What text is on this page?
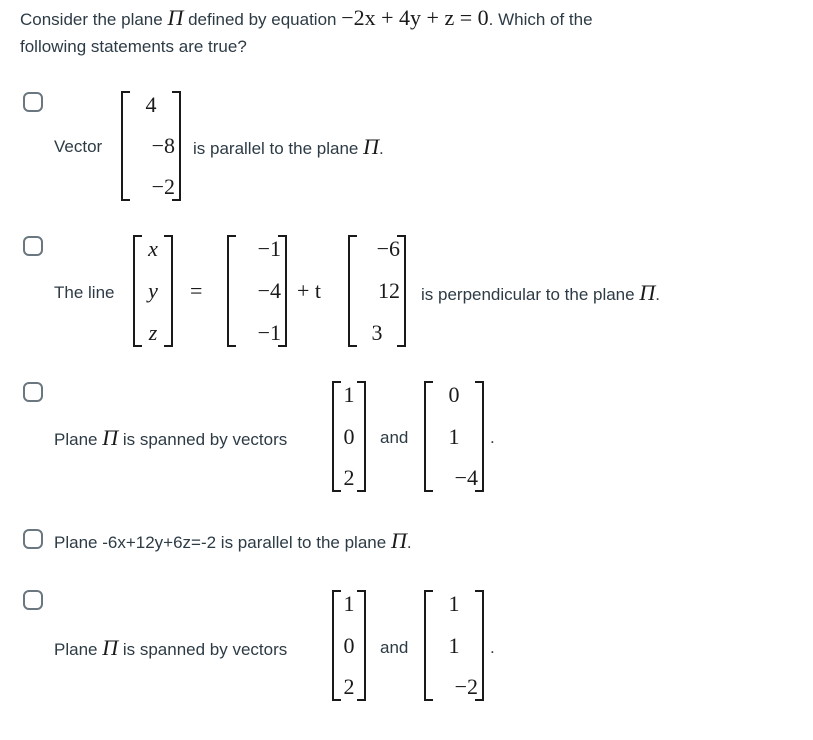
Consider the plane Π defined by equation −2x + 4y + z = 0. Which of the
following statements are true?
Vector
4
−8
−2
is parallel to the plane Π.
The line
x
y
z
=
−1
−4
−1
+ t
−6
12
3
is perpendicular to the plane Π.
Plane Π is spanned by vectors
1
0
2
and
0
1
−4
.
Plane -6x+12y+6z=-2 is parallel to the plane Π.
Plane Π is spanned by vectors
1
0
2
and
1
1
−2
.
